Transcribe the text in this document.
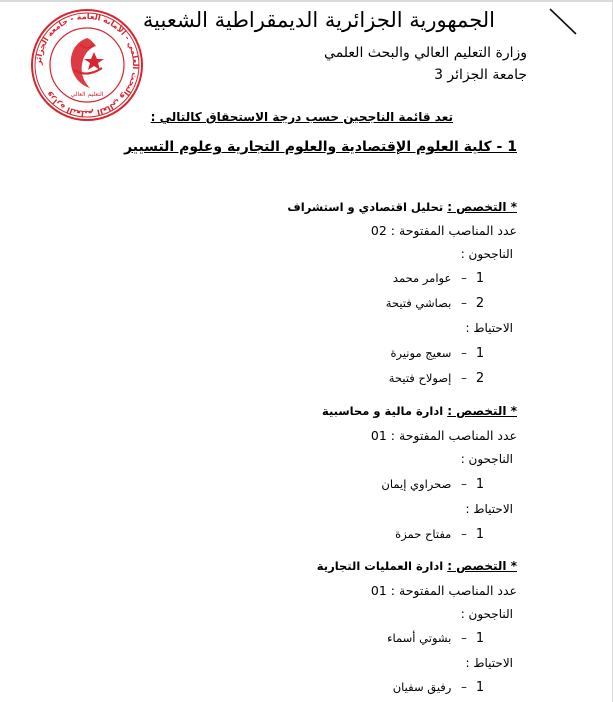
وزارة التعليم العالي والبحث العلمي - الأمانة العامة - جامعة الجزائر	التعليم العالي
الجمهورية الجزائرية الديمقراطية الشعبية
وزارة التعليم العالي والبحث العلمي
جامعة الجزائر 3
تعد قائمة الناجحين حسب درجة الاستحقاق كالتالي :
1 - كلية العلوم الإقتصادية والعلوم التجارية وعلوم التسيير
* التخصص : تحليل اقتصادي و استشراف
عدد المناصب المفتوحة : 02
الناجحون :
1– عوامر محمد
2– بصاشي فتيحة
الاحتياط :
1– سعيج مونيرة
2– إصولاح فتيحة
* التخصص : ادارة مالية و محاسبية
عدد المناصب المفتوحة : 01
الناجحون :
1– صحراوي إيمان
الاحتياط :
1– مفتاح حمزة
* التخصص : ادارة العمليات التجارية
عدد المناصب المفتوحة : 01
الناجحون :
1– بشوتي أسماء
الاحتياط :
1– رفيق سفيان
